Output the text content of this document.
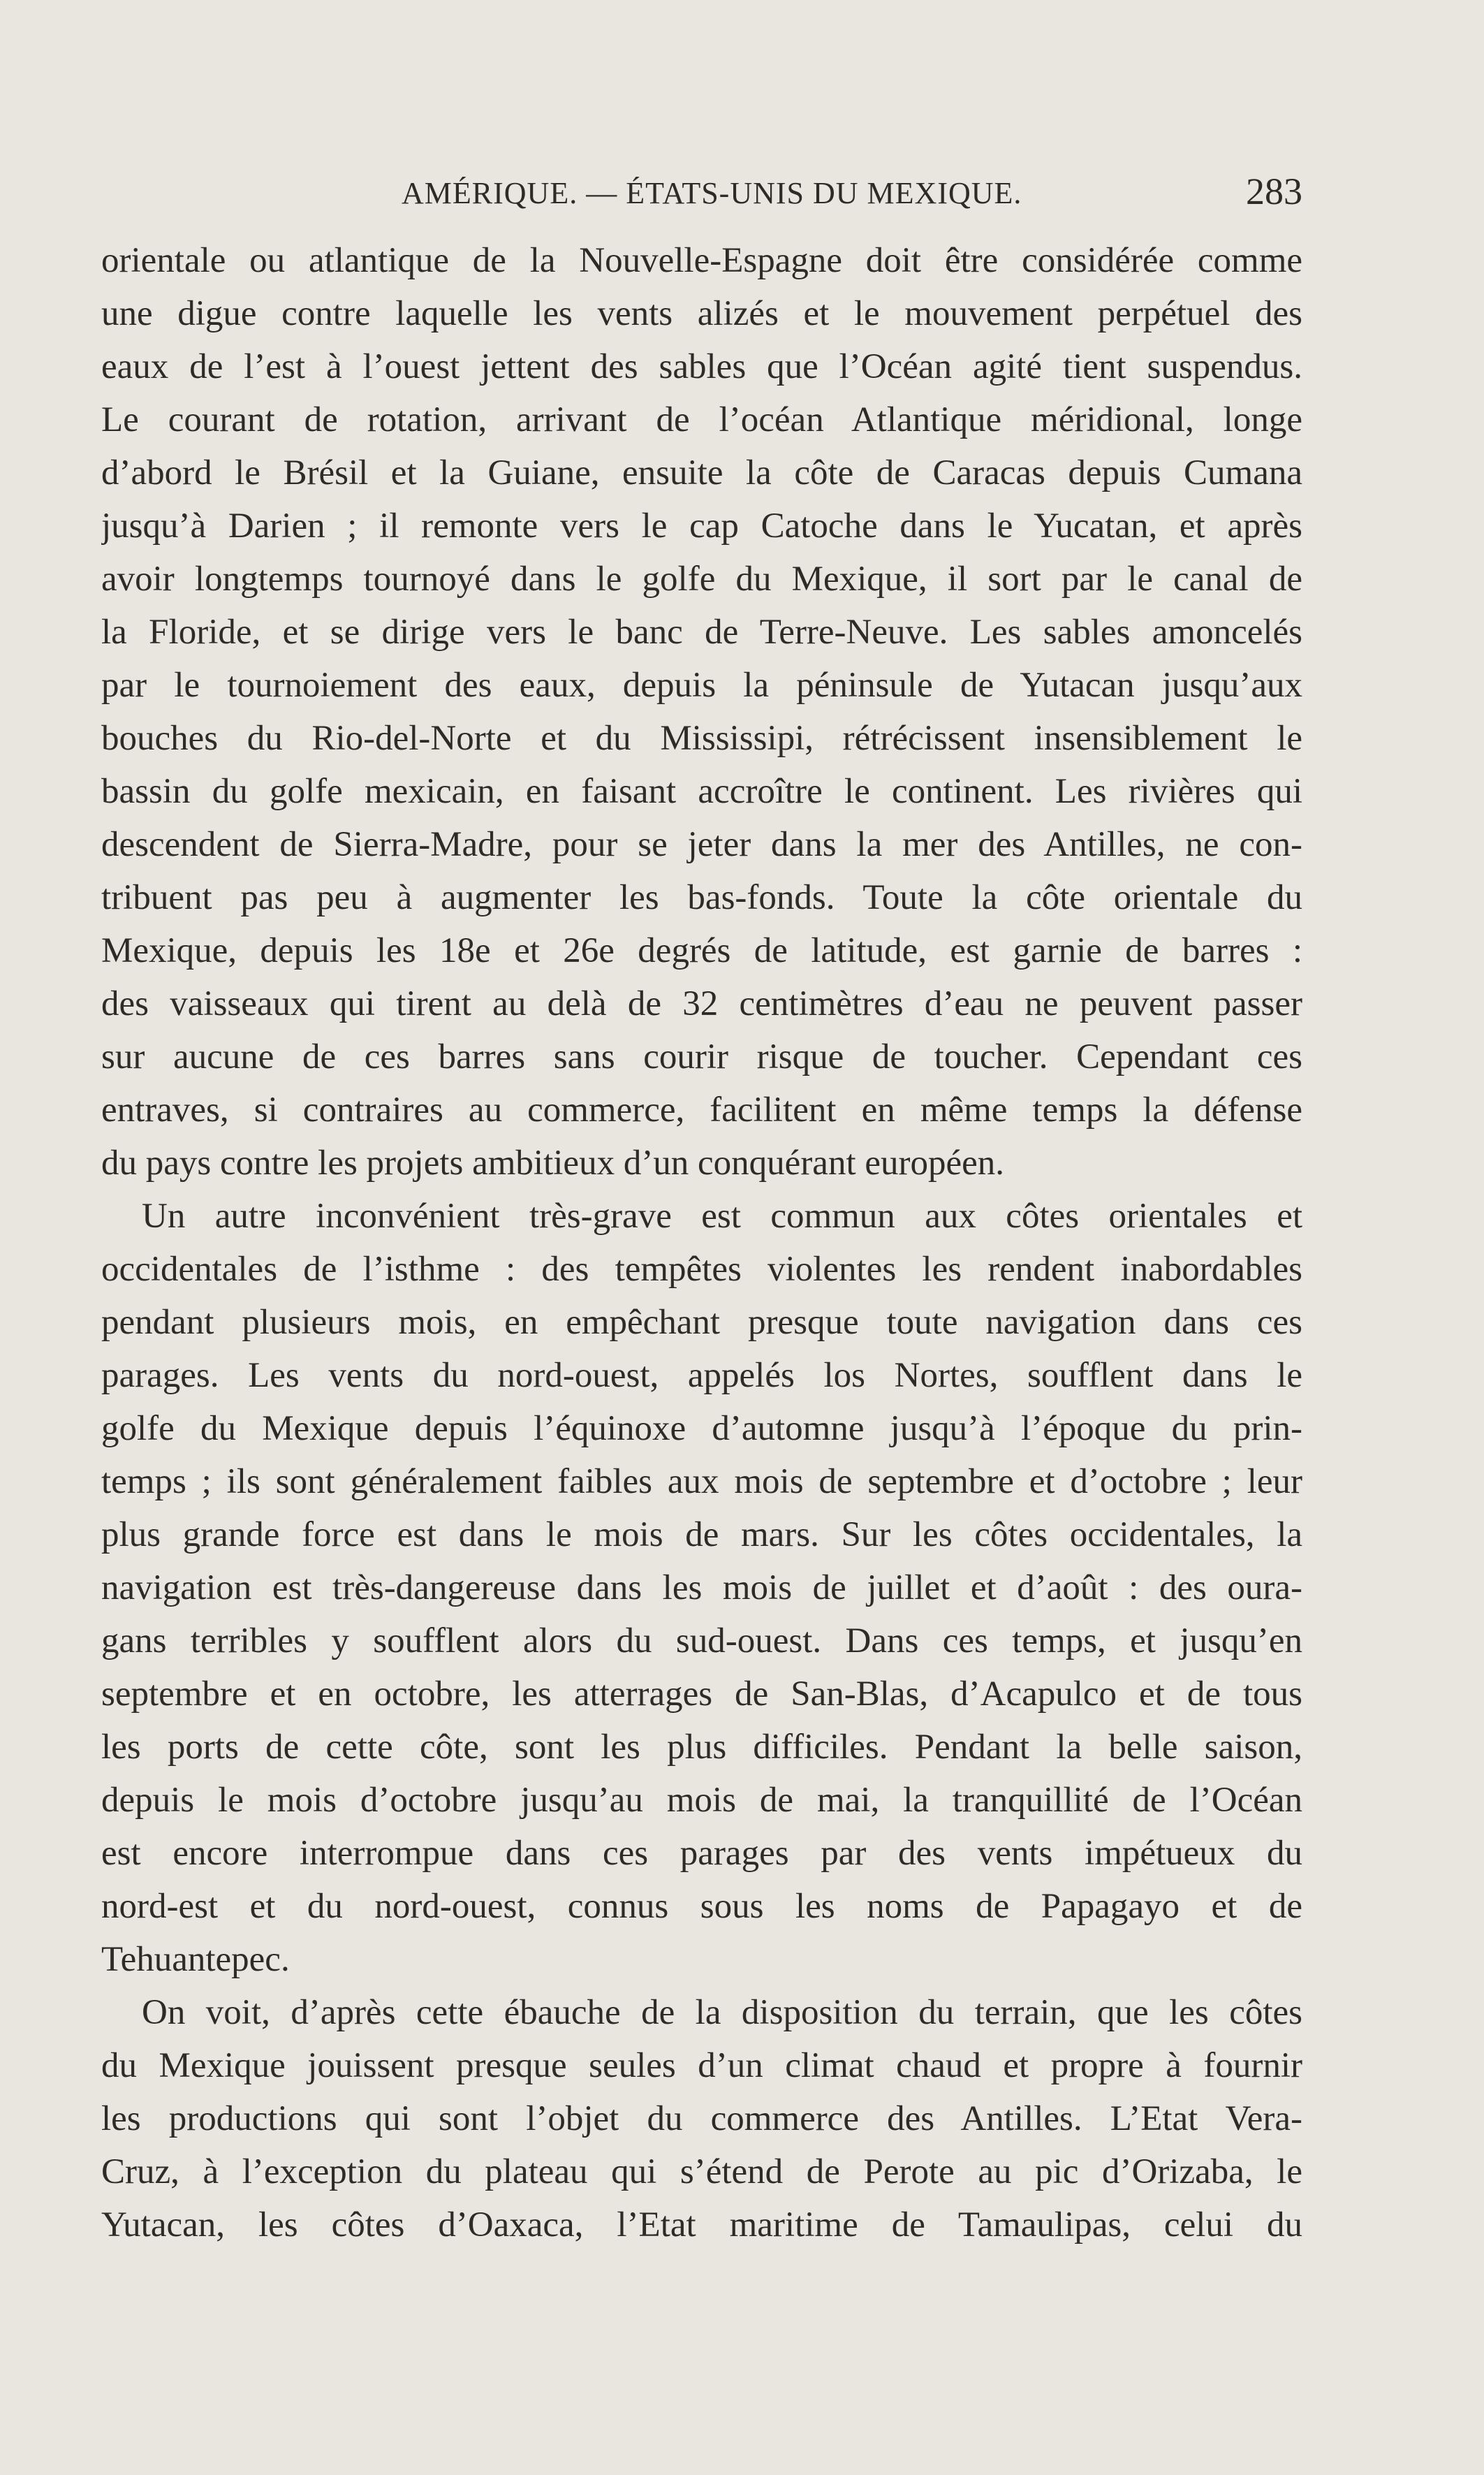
AMÉRIQUE. — ÉTATS-UNIS DU MEXIQUE.	283
orientale ou atlantique de la Nouvelle-Espagne doit être considérée comme
une digue contre laquelle les vents alizés et le mouvement perpétuel des
eaux de l’est à l’ouest jettent des sables que l’Océan agité tient suspendus.
Le courant de rotation, arrivant de l’océan Atlantique méridional, longe
d’abord le Brésil et la Guiane, ensuite la côte de Caracas depuis Cumana
jusqu’à Darien ; il remonte vers le cap Catoche dans le Yucatan, et après
avoir longtemps tournoyé dans le golfe du Mexique, il sort par le canal de
la Floride, et se dirige vers le banc de Terre-Neuve. Les sables amoncelés
par le tournoiement des eaux, depuis la péninsule de Yutacan jusqu’aux
bouches du Rio-del-Norte et du Mississipi, rétrécissent insensiblement le
bassin du golfe mexicain, en faisant accroître le continent. Les rivières qui
descendent de Sierra-Madre, pour se jeter dans la mer des Antilles, ne con-
tribuent pas peu à augmenter les bas-fonds. Toute la côte orientale du
Mexique, depuis les 18e et 26e degrés de latitude, est garnie de barres :
des vaisseaux qui tirent au delà de 32 centimètres d’eau ne peuvent passer
sur aucune de ces barres sans courir risque de toucher. Cependant ces
entraves, si contraires au commerce, facilitent en même temps la défense
du pays contre les projets ambitieux d’un conquérant européen.
Un autre inconvénient très-grave est commun aux côtes orientales et
occidentales de l’isthme : des tempêtes violentes les rendent inabordables
pendant plusieurs mois, en empêchant presque toute navigation dans ces
parages. Les vents du nord-ouest, appelés los Nortes, soufflent dans le
golfe du Mexique depuis l’équinoxe d’automne jusqu’à l’époque du prin-
temps ; ils sont généralement faibles aux mois de septembre et d’octobre ; leur
plus grande force est dans le mois de mars. Sur les côtes occidentales, la
navigation est très-dangereuse dans les mois de juillet et d’août : des oura-
gans terribles y soufflent alors du sud-ouest. Dans ces temps, et jusqu’en
septembre et en octobre, les atterrages de San-Blas, d’Acapulco et de tous
les ports de cette côte, sont les plus difficiles. Pendant la belle saison,
depuis le mois d’octobre jusqu’au mois de mai, la tranquillité de l’Océan
est encore interrompue dans ces parages par des vents impétueux du
nord-est et du nord-ouest, connus sous les noms de Papagayo et de
Tehuantepec.
On voit, d’après cette ébauche de la disposition du terrain, que les côtes
du Mexique jouissent presque seules d’un climat chaud et propre à fournir
les productions qui sont l’objet du commerce des Antilles. L’Etat Vera-
Cruz, à l’exception du plateau qui s’étend de Perote au pic d’Orizaba, le
Yutacan, les côtes d’Oaxaca, l’Etat maritime de Tamaulipas, celui du
